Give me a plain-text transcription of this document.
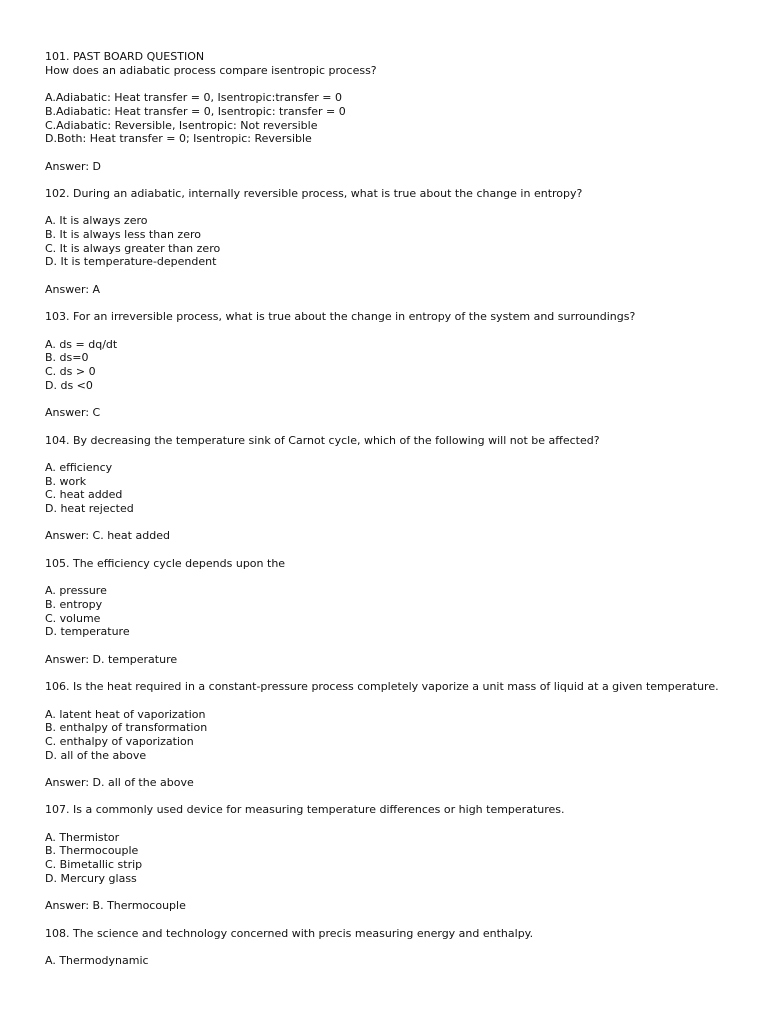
101. PAST BOARD QUESTION
How does an adiabatic process compare isentropic process?
A.Adiabatic: Heat transfer = 0, Isentropic:transfer = 0
B.Adiabatic: Heat transfer = 0, Isentropic: transfer = 0
C.Adiabatic: Reversible, Isentropic: Not reversible
D.Both: Heat transfer = 0; Isentropic: Reversible
Answer: D
102. During an adiabatic, internally reversible process, what is true about the change in entropy?
A. It is always zero
B. It is always less than zero
C. It is always greater than zero
D. It is temperature-dependent
Answer: A
103. For an irreversible process, what is true about the change in entropy of the system and surroundings?
A. ds = dq/dt
B. ds=0
C. ds > 0
D. ds <0
Answer: C
104. By decreasing the temperature sink of Carnot cycle, which of the following will not be affected?
A. efficiency
B. work
C. heat added
D. heat rejected
Answer: C. heat added
105. The efficiency cycle depends upon the
A. pressure
B. entropy
C. volume
D. temperature
Answer: D. temperature
106. Is the heat required in a constant-pressure process completely vaporize a unit mass of liquid at a given temperature.
A. latent heat of vaporization
B. enthalpy of transformation
C. enthalpy of vaporization
D. all of the above
Answer: D. all of the above
107. Is a commonly used device for measuring temperature differences or high temperatures.
A. Thermistor
B. Thermocouple
C. Bimetallic strip
D. Mercury glass
Answer: B. Thermocouple
108. The science and technology concerned with precis measuring energy and enthalpy.
A. Thermodynamic
